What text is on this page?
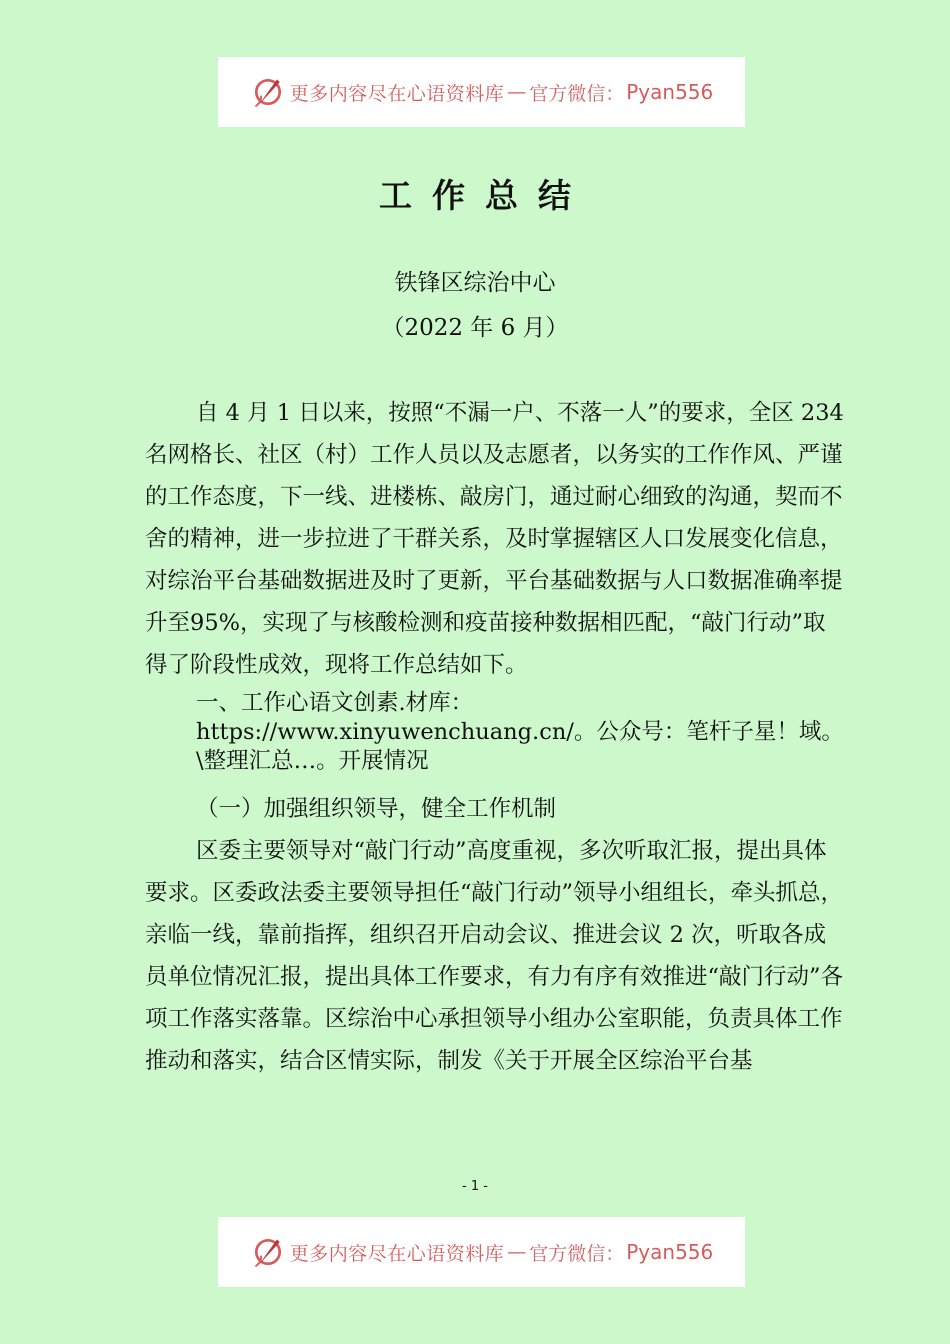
更多内容尽在心语资料库 — 官方微信： Pyan556
工作总结
铁锋区综治中心
（2022 年 6 月）

自 4 月 1 日以来，按照“不漏一户、不落一人”的要求，全区 234 名网格长、社区（村）工作人员以及志愿者，以务实的工作作风、严谨的工作态度，下一线、进楼栋、敲房门，通过耐心细致的沟通，契而不舍的精神，进一步拉进了干群关系，及时掌握辖区人口发展变化信息，对综治平台基础数据进及时了更新，平台基础数据与人口数据准确率提升至95%，实现了与核酸检测和疫苗接种数据相匹配，“敲门行动”取得了阶段性成效，现将工作总结如下。

一、工作心语文创素.材库：https://www.xinyuwenchuang.cn/。公众号：笔杆子星！域。\整理汇总…。开展情况

（一）加强组织领导，健全工作机制

区委主要领导对“敲门行动”高度重视，多次听取汇报，提出具体要求。区委政法委主要领导担任“敲门行动”领导小组组长，牵头抓总，亲临一线，靠前指挥，组织召开启动会议、推进会议 2 次，听取各成员单位情况汇报，提出具体工作要求，有力有序有效推进“敲门行动”各项工作落实落靠。区综治中心承担领导小组办公室职能，负责具体工作推动和落实，结合区情实际，制发《关于开展全区综治平台基

- 1 -
更多内容尽在心语资料库 — 官方微信： Pyan556
